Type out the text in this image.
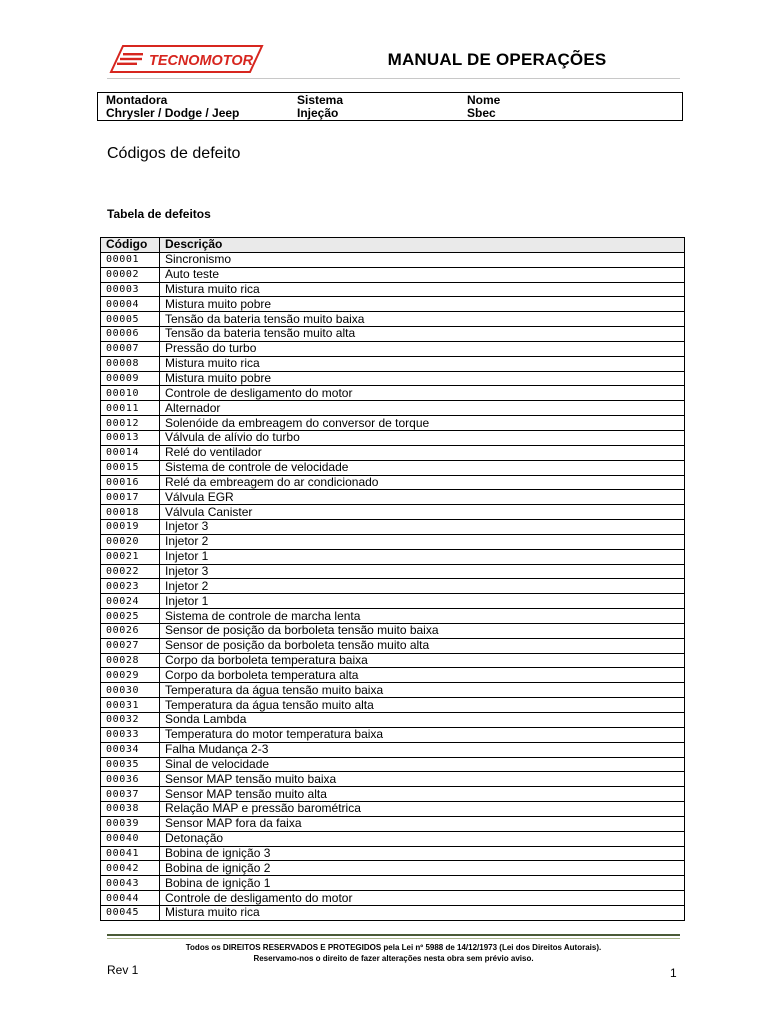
TECNOMOTOR	MANUAL DE OPERAÇÕES
Montadora	Sistema	Nome
Chrysler / Dodge / Jeep	Injeção	Sbec
Códigos de defeito
Tabela de defeitos
Código	Descrição
00001	Sincronismo
00002	Auto teste
00003	Mistura muito rica
00004	Mistura muito pobre
00005	Tensão da bateria tensão muito baixa
00006	Tensão da bateria tensão muito alta
00007	Pressão do turbo
00008	Mistura muito rica
00009	Mistura muito pobre
00010	Controle de desligamento do motor
00011	Alternador
00012	Solenóide da embreagem do conversor de torque
00013	Válvula de alívio do turbo
00014	Relé do ventilador
00015	Sistema de controle de velocidade
00016	Relé da embreagem do ar condicionado
00017	Válvula EGR
00018	Válvula Canister
00019	Injetor 3
00020	Injetor 2
00021	Injetor 1
00022	Injetor 3
00023	Injetor 2
00024	Injetor 1
00025	Sistema de controle de marcha lenta
00026	Sensor de posição da borboleta tensão muito baixa
00027	Sensor de posição da borboleta tensão muito alta
00028	Corpo da borboleta temperatura baixa
00029	Corpo da borboleta temperatura alta
00030	Temperatura da água tensão muito baixa
00031	Temperatura da água tensão muito alta
00032	Sonda Lambda
00033	Temperatura do motor temperatura baixa
00034	Falha Mudança 2-3
00035	Sinal de velocidade
00036	Sensor MAP tensão muito baixa
00037	Sensor MAP tensão muito alta
00038	Relação MAP e pressão barométrica
00039	Sensor MAP fora da faixa
00040	Detonação
00041	Bobina de ignição 3
00042	Bobina de ignição 2
00043	Bobina de ignição 1
00044	Controle de desligamento do motor
00045	Mistura muito rica
Todos os DIREITOS RESERVADOS E PROTEGIDOS pela Lei nº 5988 de 14/12/1973 (Lei dos Direitos Autorais).
Reservamo-nos o direito de fazer alterações nesta obra sem prévio aviso.
Rev 1	1
